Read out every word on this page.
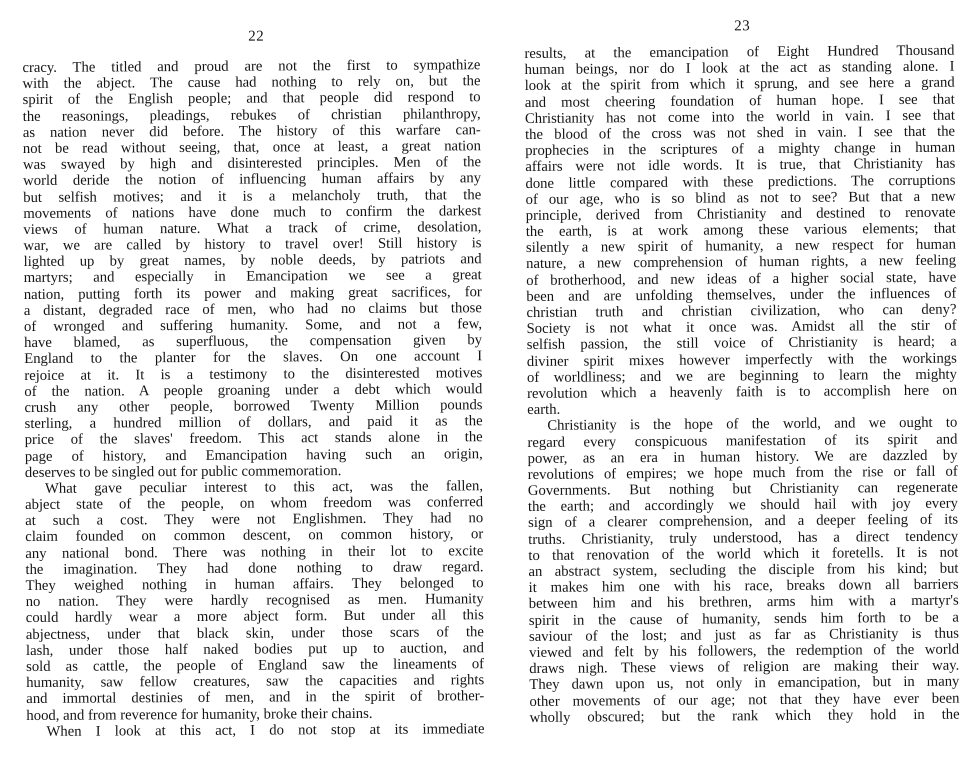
22
cracy. The titled and proud are not the first to sympathize
with the abject. The cause had nothing to rely on, but the
spirit of the English people; and that people did respond to
the reasonings, pleadings, rebukes of christian philanthropy,
as nation never did before. The history of this warfare can-
not be read without seeing, that, once at least, a great nation
was swayed by high and disinterested principles. Men of the
world deride the notion of influencing human affairs by any
but selfish motives; and it is a melancholy truth, that the
movements of nations have done much to confirm the darkest
views of human nature. What a track of crime, desolation,
war, we are called by history to travel over! Still history is
lighted up by great names, by noble deeds, by patriots and
martyrs; and especially in Emancipation we see a great
nation, putting forth its power and making great sacrifices, for
a distant, degraded race of men, who had no claims but those
of wronged and suffering humanity. Some, and not a few,
have blamed, as superfluous, the compensation given by
England to the planter for the slaves. On one account I
rejoice at it. It is a testimony to the disinterested motives
of the nation. A people groaning under a debt which would
crush any other people, borrowed Twenty Million pounds
sterling, a hundred million of dollars, and paid it as the
price of the slaves' freedom. This act stands alone in the
page of history, and Emancipation having such an origin,
deserves to be singled out for public commemoration.
What gave peculiar interest to this act, was the fallen,
abject state of the people, on whom freedom was conferred
at such a cost. They were not Englishmen. They had no
claim founded on common descent, on common history, or
any national bond. There was nothing in their lot to excite
the imagination. They had done nothing to draw regard.
They weighed nothing in human affairs. They belonged to
no nation. They were hardly recognised as men. Humanity
could hardly wear a more abject form. But under all this
abjectness, under that black skin, under those scars of the
lash, under those half naked bodies put up to auction, and
sold as cattle, the people of England saw the lineaments of
humanity, saw fellow creatures, saw the capacities and rights
and immortal destinies of men, and in the spirit of brother-
hood, and from reverence for humanity, broke their chains.
When I look at this act, I do not stop at its immediate
23
results, at the emancipation of Eight Hundred Thousand
human beings, nor do I look at the act as standing alone. I
look at the spirit from which it sprung, and see here a grand
and most cheering foundation of human hope. I see that
Christianity has not come into the world in vain. I see that
the blood of the cross was not shed in vain. I see that the
prophecies in the scriptures of a mighty change in human
affairs were not idle words. It is true, that Christianity has
done little compared with these predictions. The corruptions
of our age, who is so blind as not to see? But that a new
principle, derived from Christianity and destined to renovate
the earth, is at work among these various elements; that
silently a new spirit of humanity, a new respect for human
nature, a new comprehension of human rights, a new feeling
of brotherhood, and new ideas of a higher social state, have
been and are unfolding themselves, under the influences of
christian truth and christian civilization, who can deny?
Society is not what it once was. Amidst all the stir of
selfish passion, the still voice of Christianity is heard; a
diviner spirit mixes however imperfectly with the workings
of worldliness; and we are beginning to learn the mighty
revolution which a heavenly faith is to accomplish here on
earth.
Christianity is the hope of the world, and we ought to
regard every conspicuous manifestation of its spirit and
power, as an era in human history. We are dazzled by
revolutions of empires; we hope much from the rise or fall of
Governments. But nothing but Christianity can regenerate
the earth; and accordingly we should hail with joy every
sign of a clearer comprehension, and a deeper feeling of its
truths. Christianity, truly understood, has a direct tendency
to that renovation of the world which it foretells. It is not
an abstract system, secluding the disciple from his kind; but
it makes him one with his race, breaks down all barriers
between him and his brethren, arms him with a martyr's
spirit in the cause of humanity, sends him forth to be a
saviour of the lost; and just as far as Christianity is thus
viewed and felt by his followers, the redemption of the world
draws nigh. These views of religion are making their way.
They dawn upon us, not only in emancipation, but in many
other movements of our age; not that they have ever been
wholly obscured; but the rank which they hold in the
